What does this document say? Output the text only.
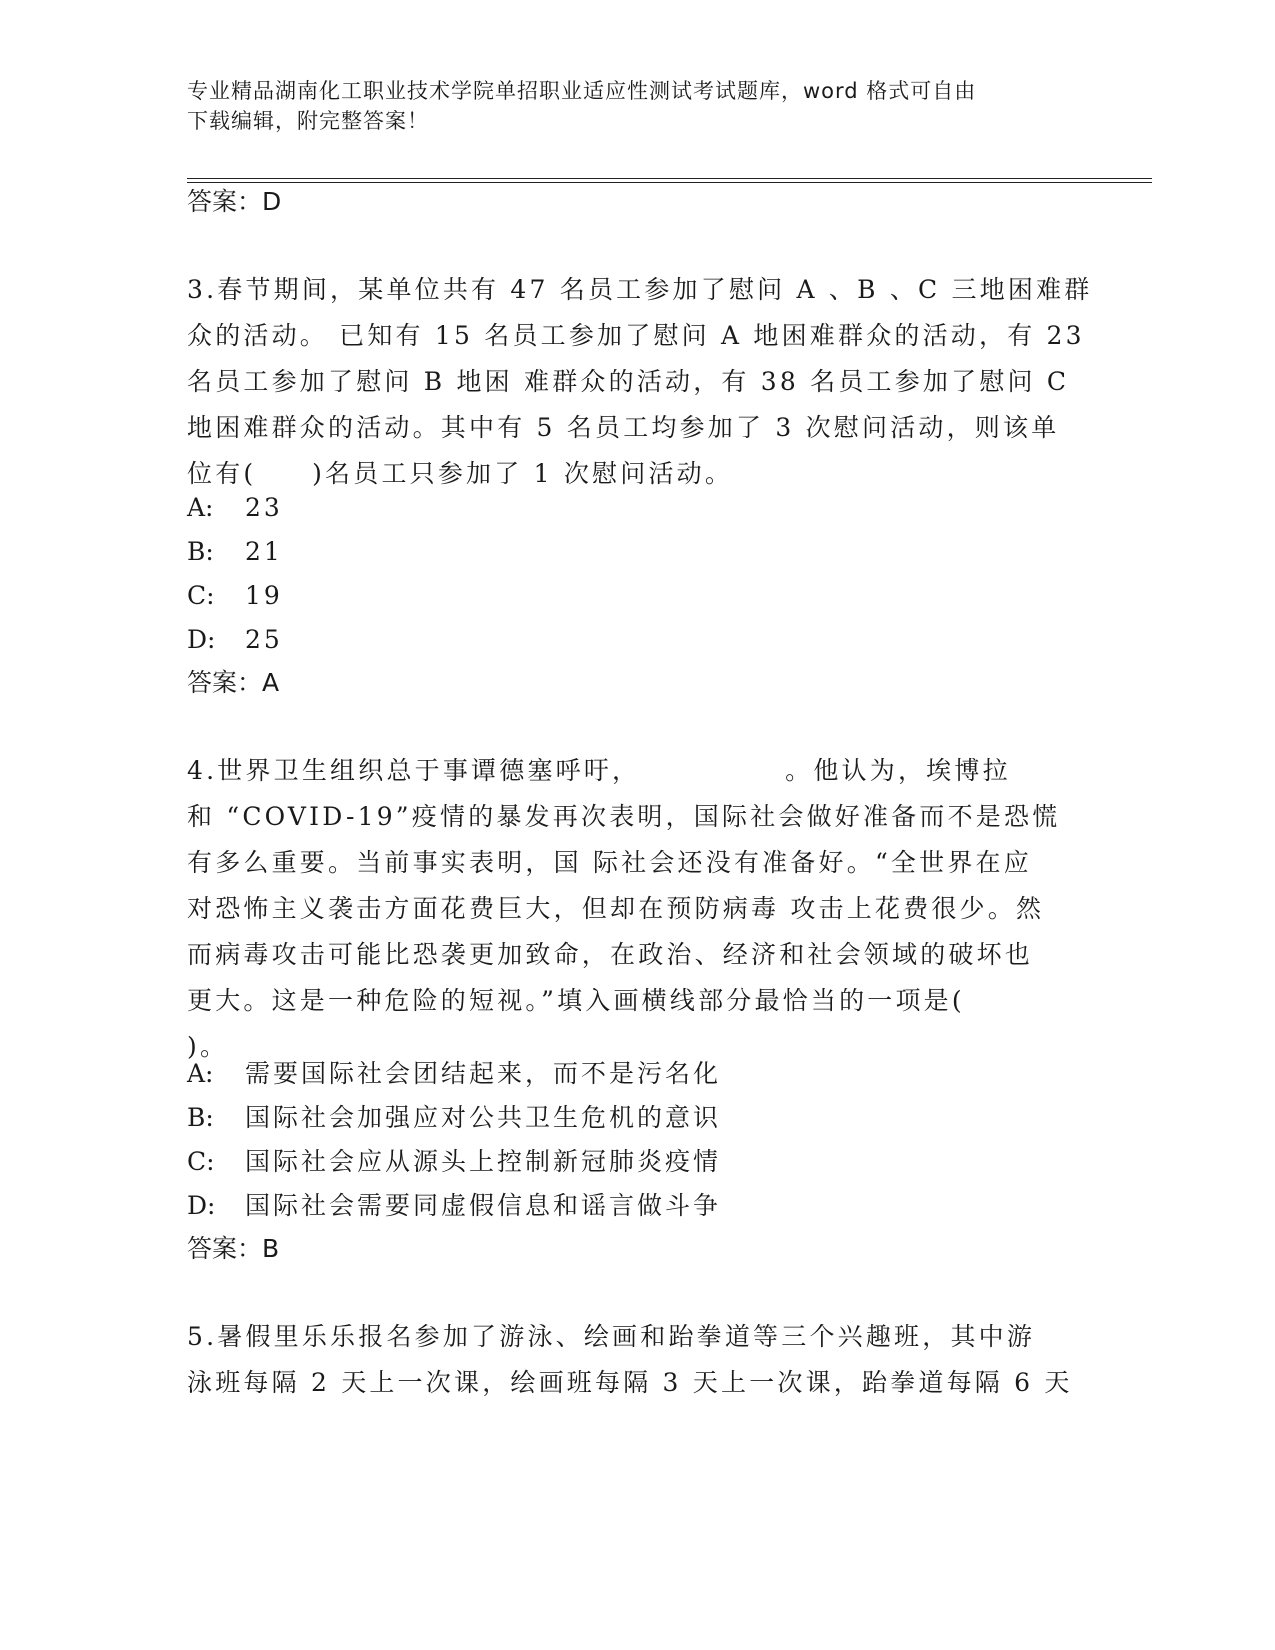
专业精品湖南化工职业技术学院单招职业适应性测试考试题库，word 格式可自由
下载编辑，附完整答案！
答案：D
3.春节期间，某单位共有 47 名员工参加了慰问 A 、B 、C 三地困难群
众的活动。 已知有 15 名员工参加了慰问 A 地困难群众的活动，有 23
名员工参加了慰问 B 地困 难群众的活动，有 38 名员工参加了慰问 C
地困难群众的活动。其中有 5 名员工均参加了 3 次慰问活动，则该单
位有(     )名员工只参加了 1 次慰问活动。
A: 23
B: 21
C: 19
D: 25
答案：A
4.世界卫生组织总于事谭德塞呼吁，             。他认为，埃博拉
和 “COVID-19”疫情的暴发再次表明，国际社会做好准备而不是恐慌
有多么重要。当前事实表明，国 际社会还没有准备好。“全世界在应
对恐怖主义袭击方面花费巨大，但却在预防病毒 攻击上花费很少。然
而病毒攻击可能比恐袭更加致命，在政治、经济和社会领域的破坏也
更大。这是一种危险的短视。”填入画横线部分最恰当的一项是(
)。
A: 需要国际社会团结起来，而不是污名化
B: 国际社会加强应对公共卫生危机的意识
C: 国际社会应从源头上控制新冠肺炎疫情
D: 国际社会需要同虚假信息和谣言做斗争
答案：B
5.暑假里乐乐报名参加了游泳、绘画和跆拳道等三个兴趣班，其中游
泳班每隔 2 天上一次课，绘画班每隔 3 天上一次课，跆拳道每隔 6 天
